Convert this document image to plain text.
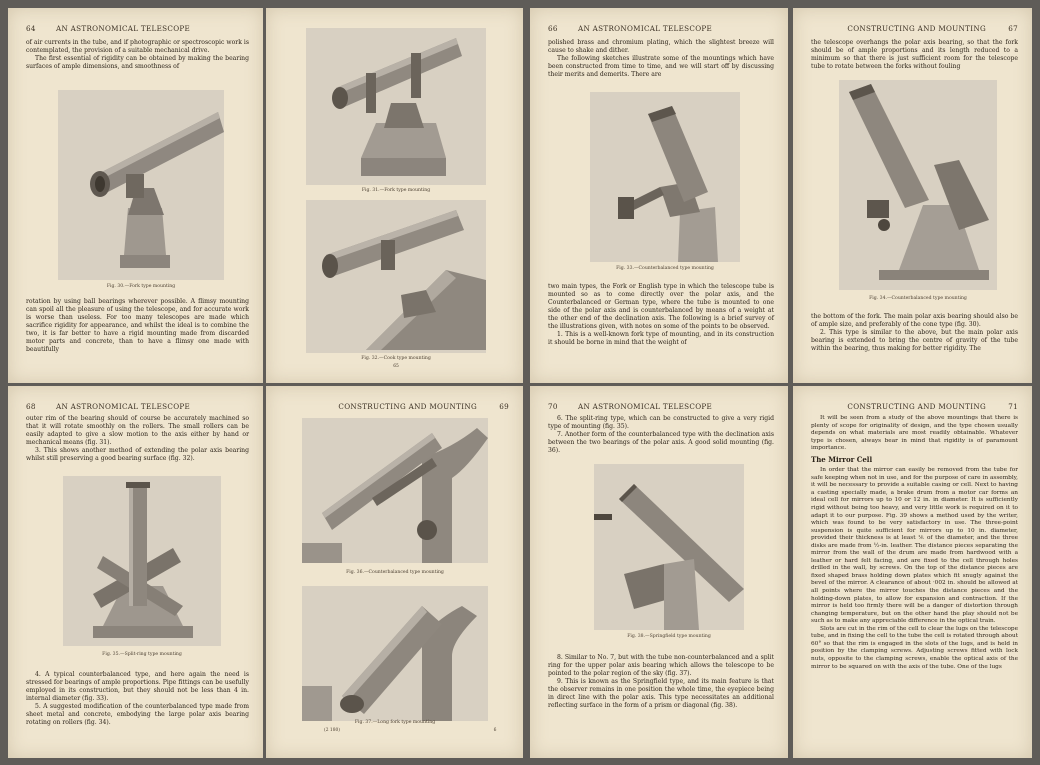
64	AN ASTRONOMICAL TELESCOPE

of air currents in the tube, and if photographic or spectroscopic work is contemplated, the provision of a suitable mechanical drive.

The first essential of rigidity can be obtained by making the bearing surfaces of ample dimensions, and smoothness of

Fig. 30.—Fork type mounting
rotation by using ball bearings wherever possible. A flimsy mounting can spoil all the pleasure of using the telescope, and for accurate work is worse than useless. For too many telescopes are made which sacrifice rigidity for appearance, and whilst the ideal is to combine the two, it is far better to have a rigid mounting made from discarded motor parts and concrete, than to have a flimsy one made with beautifully
Fig. 31.—Fork type mounting
Fig. 32.—Cook type mounting
65
66	AN ASTRONOMICAL TELESCOPE

polished brass and chromium plating, which the slightest breeze will cause to shake and dither.

The following sketches illustrate some of the mountings which have been constructed from time to time, and we will start off by discussing their merits and demerits. There are

Fig. 33.—Counterbalanced type mounting

two main types, the Fork or English type in which the telescope tube is mounted so as to come directly over the polar axis, and the Counterbalanced or German type, where the tube is mounted to one side of the polar axis and is counterbalanced by means of a weight at the other end of the declination axis. The following is a brief survey of the illustrations given, with notes on some of the points to be observed.

1. This is a well-known fork type of mounting, and in its construction it should be borne in mind that the weight of

CONSTRUCTING AND MOUNTING	67
the telescope overhangs the polar axis bearing, so that the fork should be of ample proportions and its length reduced to a minimum so that there is just sufficient room for the telescope tube to rotate between the forks without fouling
Fig. 34.—Counterbalanced type mounting

the bottom of the fork. The main polar axis bearing should also be of ample size, and preferably of the cone type (fig. 30).

2. This type is similar to the above, but the main polar axis bearing is extended to bring the centre of gravity of the tube within the bearing, thus making for better rigidity. The

68	AN ASTRONOMICAL TELESCOPE

outer rim of the bearing should of course be accurately machined so that it will rotate smoothly on the rollers. The small rollers can be easily adapted to give a slow motion to the axis either by hand or mechanical means (fig. 31).

3. This shows another method of extending the polar axis bearing whilst still preserving a good bearing surface (fig. 32).

Fig. 35.—Split-ring type mounting

4. A typical counterbalanced type, and here again the need is stressed for bearings of ample proportions. Pipe fittings can be usefully employed in its construction, but they should not be less than 4 in. internal diameter (fig. 33).

5. A suggested modification of the counterbalanced type made from sheet metal and concrete, embodying the large polar axis bearing rotating on rollers (fig. 34).

CONSTRUCTING AND MOUNTING	69
Fig. 36.—Counterbalanced type mounting
(2 180)
Fig. 37.—Long fork type mounting
6
70	AN ASTRONOMICAL TELESCOPE

6. The split-ring type, which can be constructed to give a very rigid type of mounting (fig. 35).

7. Another form of the counterbalanced type with the declination axis between the two bearings of the polar axis. A good solid mounting (fig. 36).

Fig. 38.—Springfield type mounting

8. Similar to No. 7, but with the tube non-counterbalanced and a split ring for the upper polar axis bearing which allows the telescope to be pointed to the polar region of the sky (fig. 37).

9. This is known as the Springfield type, and its main feature is that the observer remains in one position the whole time, the eyepiece being in direct line with the polar axis. This type necessitates an additional reflecting surface in the form of a prism or diagonal (fig. 38).

CONSTRUCTING AND MOUNTING	71

It will be seen from a study of the above mountings that there is plenty of scope for originality of design, and the type chosen usually depends on what materials are most readily obtainable. Whatever type is chosen, always bear in mind that rigidity is of paramount importance.

The Mirror Cell

In order that the mirror can easily be removed from the tube for safe keeping when not in use, and for the purpose of care in assembly, it will be necessary to provide a suitable casing or cell. Next to having a casting specially made, a brake drum from a motor car forms an ideal cell for mirrors up to 10 or 12 in. in diameter. It is sufficiently rigid without being too heavy, and very little work is required on it to adapt it to our purpose. Fig. 39 shows a method used by the writer, which was found to be very satisfactory in use. The three-point suspension is quite sufficient for mirrors up to 10 in. diameter, provided their thickness is at least ⅙ of the diameter, and the three disks are made from ½-in. leather. The distance pieces separating the mirror from the wall of the drum are made from hardwood with a leather or hard felt facing, and are fixed to the cell through holes drilled in the wall, by screws. On the top of the distance pieces are fixed shaped brass holding down plates which fit snugly against the bevel of the mirror. A clearance of about ·002 in. should be allowed at all points where the mirror touches the distance pieces and the holding-down plates, to allow for expansion and contraction. If the mirror is held too firmly there will be a danger of distortion through changing temperature, but on the other hand the play should not be such as to make any appreciable difference in the optical train.

Slots are cut in the rim of the cell to clear the lugs on the telescope tube, and in fixing the cell to the tube the cell is rotated through about 60° so that the rim is engaged in the slots of the lugs, and is held in position by the clamping screws. Adjusting screws fitted with lock nuts, opposite to the clamping screws, enable the optical axis of the mirror to be squared on with the axis of the tube. One of the lugs
